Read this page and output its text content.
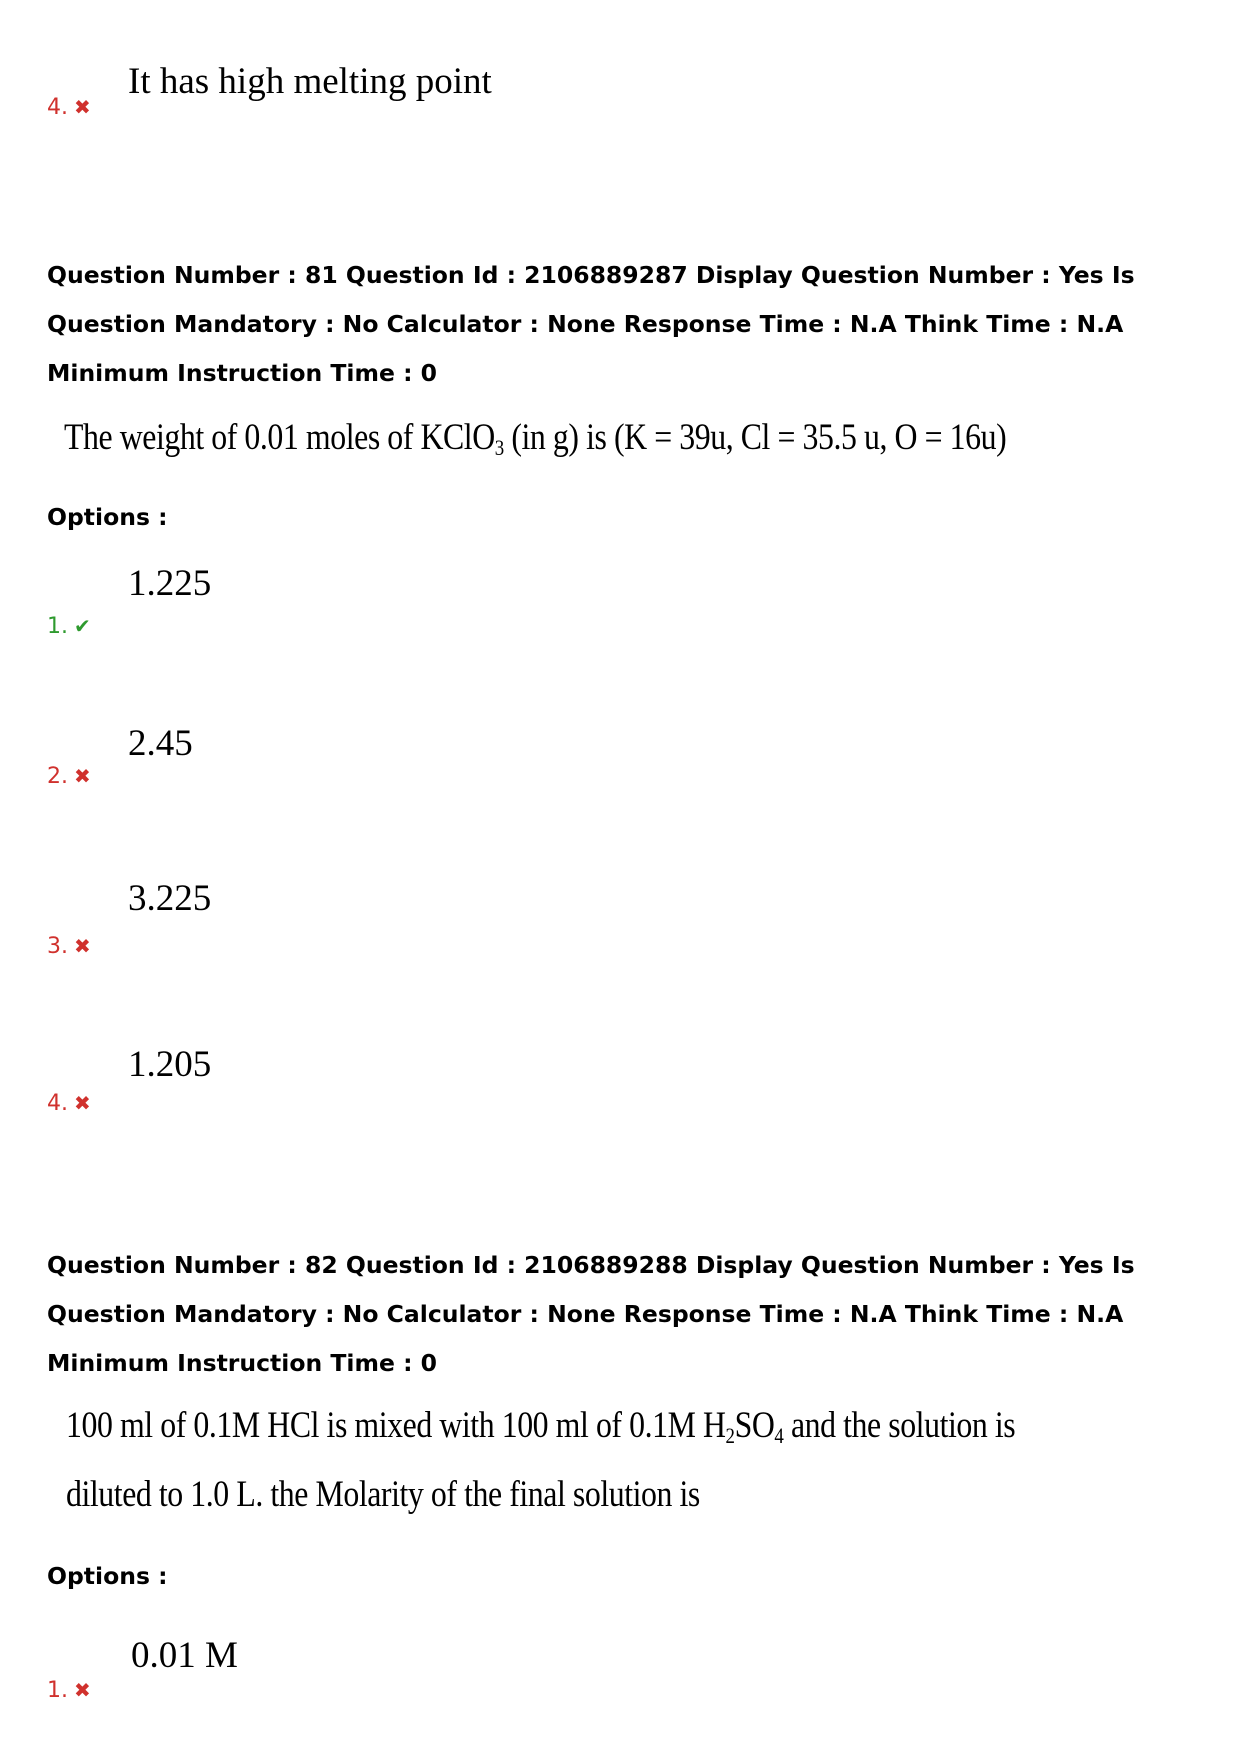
4. ✖
It has high melting point
Question Number : 81 Question Id : 2106889287 Display Question Number : Yes Is Question Mandatory : No Calculator : None Response Time : N.A Think Time : N.A Minimum Instruction Time : 0
The weight of 0.01 moles of KClO$_3$ (in g) is (K = 39u, Cl = 35.5 u, O = 16u)
Options :
1. ✔
1.225
2. ✖
2.45
3. ✖
3.225
4. ✖
1.205
Question Number : 82 Question Id : 2106889288 Display Question Number : Yes Is Question Mandatory : No Calculator : None Response Time : N.A Think Time : N.A Minimum Instruction Time : 0
100 ml of 0.1M HCl is mixed with 100 ml of 0.1M $H_2SO_4$ and the solution is
diluted to 1.0 L. the Molarity of the final solution is
Options :
1. ✖
0.01 M
